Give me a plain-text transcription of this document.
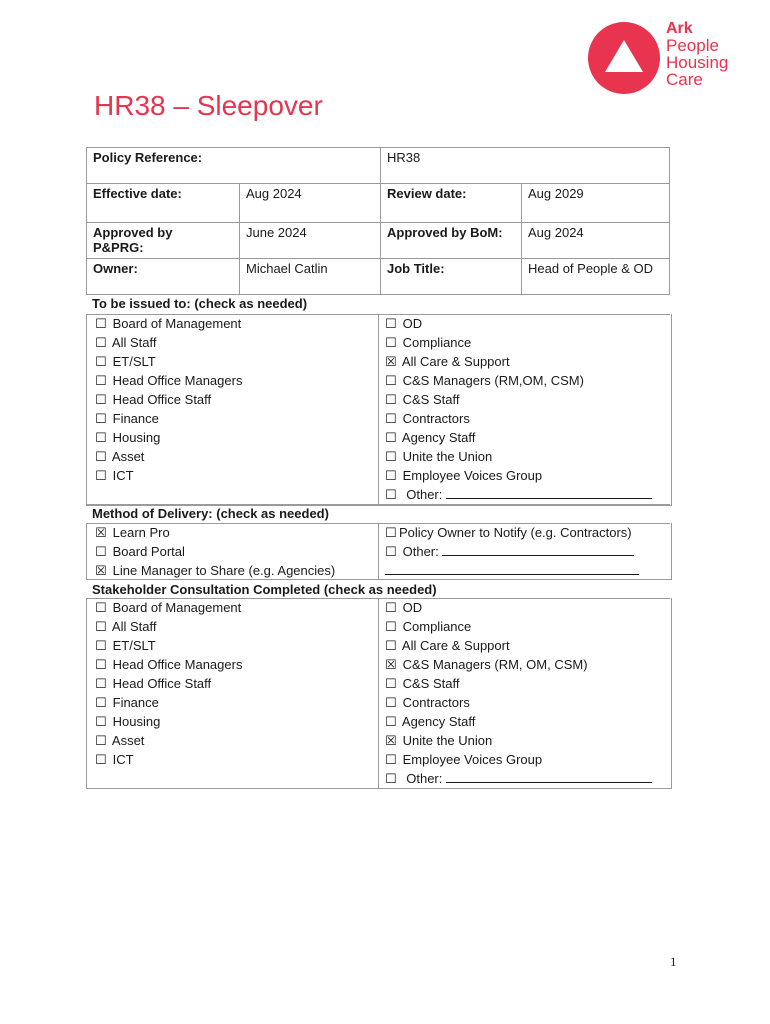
Ark
People
Housing
Care
HR38 – Sleepover
Policy Reference:		HR38	
Effective date:	Aug 2024	Review date:	Aug 2029
Approved by
P&PRG:	June 2024	Approved by BoM:	Aug 2024
Owner:	Michael Catlin	Job Title:	Head of People & OD
To be issued to: (check as needed)
☐ Board of Management
☐ All Staff
☐ ET/SLT
☐ Head Office Managers
☐ Head Office Staff
☐ Finance
☐ Housing
☐ Asset
☐ ICT
☐ OD
☐ Compliance
☒ All Care & Support
☐ C&S Managers (RM,OM, CSM)
☐ C&S Staff
☐ Contractors
☐ Agency Staff
☐ Unite the Union
☐ Employee Voices Group
☐ Other:
Method of Delivery: (check as needed)
☒ Learn Pro
☐ Board Portal
☒ Line Manager to Share (e.g. Agencies)
☐ Policy Owner to Notify (e.g. Contractors)
☐ Other:
Stakeholder Consultation Completed (check as needed)
☐ Board of Management
☐ All Staff
☐ ET/SLT
☐ Head Office Managers
☐ Head Office Staff
☐ Finance
☐ Housing
☐ Asset
☐ ICT
☐ OD
☐ Compliance
☐ All Care & Support
☒ C&S Managers (RM, OM, CSM)
☐ C&S Staff
☐ Contractors
☐ Agency Staff
☒ Unite the Union
☐ Employee Voices Group
☐ Other:
1
